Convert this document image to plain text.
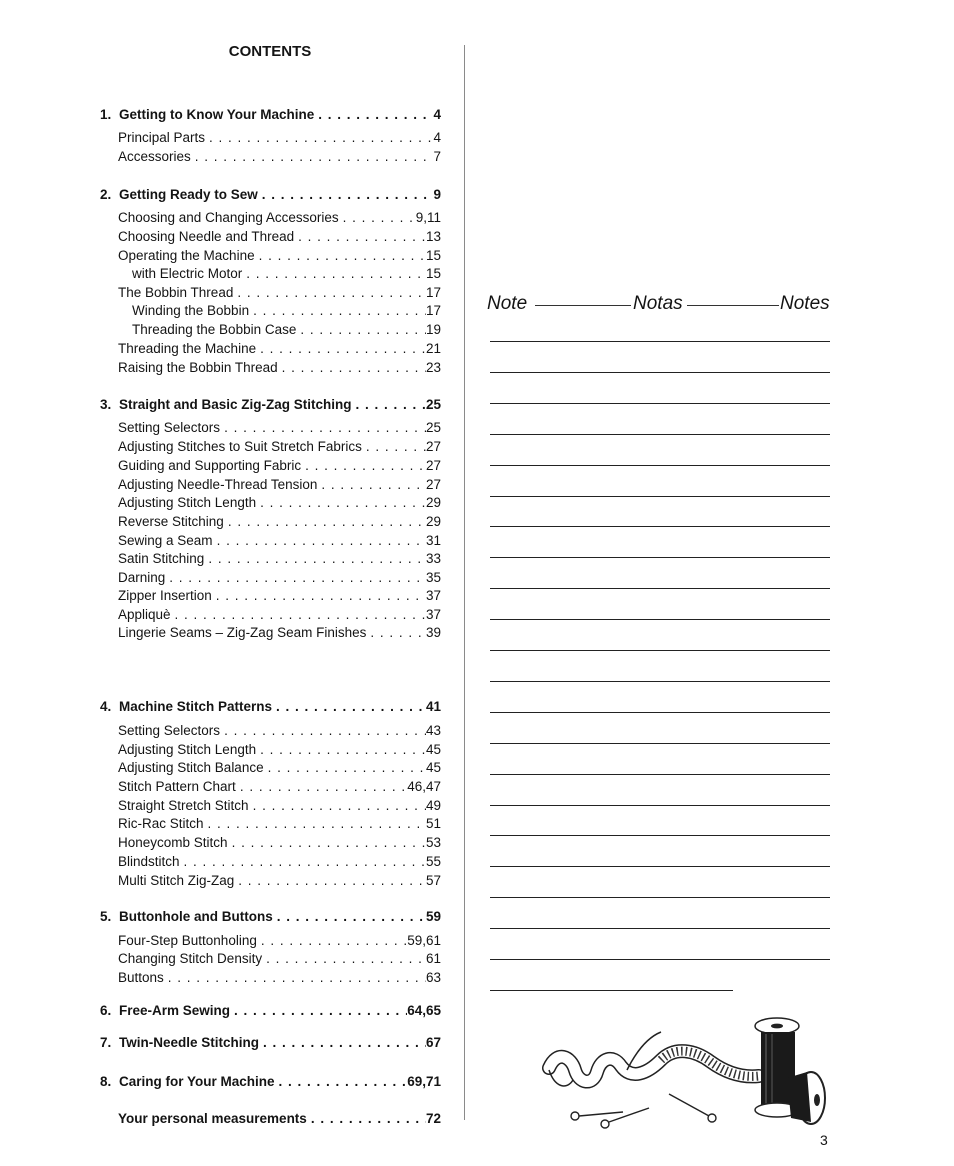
CONTENTS
1. Getting to Know Your Machine . . .	4
Principal Parts . . .	4
Accessories . . .	7
2. Getting Ready to Sew . . .	9
Choosing and Changing Accessories . . .	9,11
Choosing Needle and Thread . . .	13
Operating the Machine . . .	15
with Electric Motor . . .	15
The Bobbin Thread . . .	17
Winding the Bobbin . . .	17
Threading the Bobbin Case . . .	19
Threading the Machine . . .	21
Raising the Bobbin Thread . . .	23
3. Straight and Basic Zig-Zag Stitching . . .	25
Setting Selectors . . .	25
Adjusting Stitches to Suit Stretch Fabrics . . .	27
Guiding and Supporting Fabric . . .	27
Adjusting Needle-Thread Tension . . .	27
Adjusting Stitch Length . . .	29
Reverse Stitching . . .	29
Sewing a Seam . . .	31
Satin Stitching . . .	33
Darning . . .	35
Zipper Insertion . . .	37
Appliquè . . .	37
Lingerie Seams – Zig-Zag Seam Finishes . . .	39
4. Machine Stitch Patterns . . .	41
Setting Selectors . . .	43
Adjusting Stitch Length . . .	45
Adjusting Stitch Balance . . .	45
Stitch Pattern Chart . . .	46,47
Straight Stretch Stitch . . .	49
Ric-Rac Stitch . . .	51
Honeycomb Stitch . . .	53
Blindstitch . . .	55
Multi Stitch Zig-Zag . . .	57
5. Buttonhole and Buttons . . .	59
Four-Step Buttonholing . . .	59,61
Changing Stitch Density . . .	61
Buttons . . .	63
6. Free-Arm Sewing . . .	64,65
7. Twin-Needle Stitching . . .	67
8. Caring for Your Machine . . .	69,71
Your personal measurements . . .	72
Note	Notas	Notes
3
